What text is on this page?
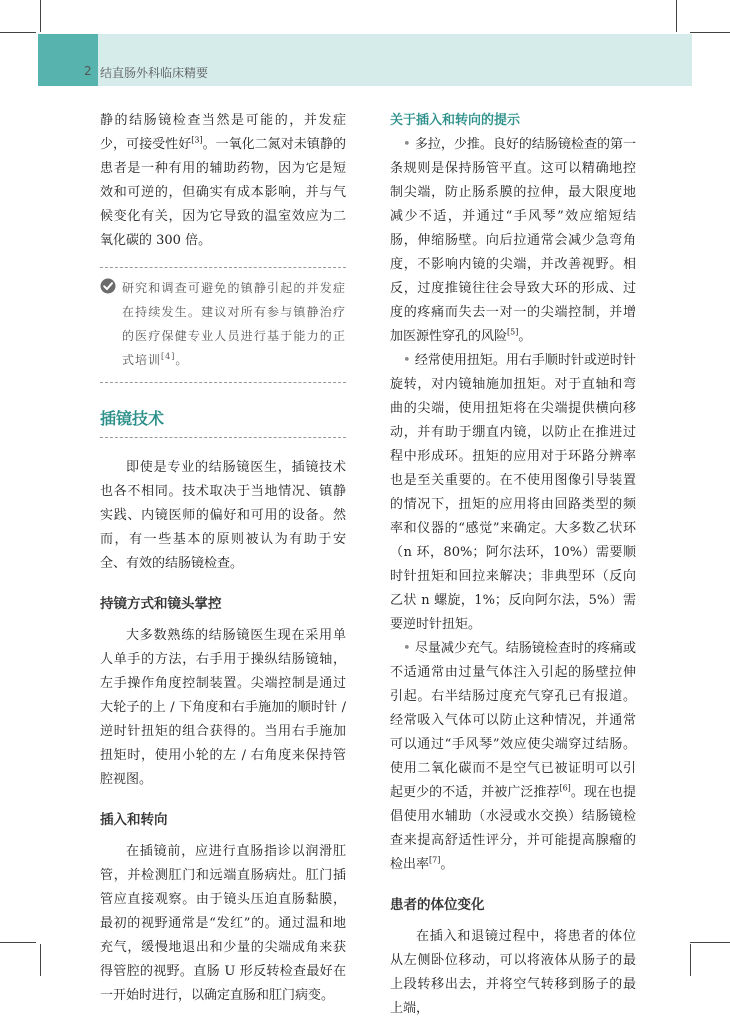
2 结直肠外科临床精要

静的结肠镜检查当然是可能的，并发症少，可接受性好[3]。一氧化二氮对未镇静的患者是一种有用的辅助药物，因为它是短效和可逆的，但确实有成本影响，并与气候变化有关，因为它导致的温室效应为二氧化碳的 300 倍。

研究和调查可避免的镇静引起的并发症在持续发生。建议对所有参与镇静治疗的医疗保健专业人员进行基于能力的正式培训[4]。
插镜技术

即使是专业的结肠镜医生，插镜技术也各不相同。技术取决于当地情况、镇静实践、内镜医师的偏好和可用的设备。然而，有一些基本的原则被认为有助于安全、有效的结肠镜检查。

持镜方式和镜头掌控

大多数熟练的结肠镜医生现在采用单人单手的方法，右手用于操纵结肠镜轴，左手操作角度控制装置。尖端控制是通过大轮子的上 / 下角度和右手施加的顺时针 / 逆时针扭矩的组合获得的。当用右手施加扭矩时，使用小轮的左 / 右角度来保持管腔视图。

插入和转向

在插镜前，应进行直肠指诊以润滑肛管，并检测肛门和远端直肠病灶。肛门插管应直接观察。由于镜头压迫直肠黏膜，最初的视野通常是“发红”的。通过温和地充气，缓慢地退出和少量的尖端成角来获得管腔的视野。直肠 U 形反转检查最好在一开始时进行，以确定直肠和肛门病变。

关于插入和转向的提示

• 多拉，少推。良好的结肠镜检查的第一条规则是保持肠管平直。这可以精确地控制尖端，防止肠系膜的拉伸，最大限度地减少不适，并通过“手风琴”效应缩短结肠，伸缩肠壁。向后拉通常会减少急弯角度，不影响内镜的尖端，并改善视野。相反，过度推镜往往会导致大环的形成、过度的疼痛而失去一对一的尖端控制，并增加医源性穿孔的风险[5]。

• 经常使用扭矩。用右手顺时针或逆时针旋转，对内镜轴施加扭矩。对于直轴和弯曲的尖端，使用扭矩将在尖端提供横向移动，并有助于绷直内镜，以防止在推进过程中形成环。扭矩的应用对于环路分辨率也是至关重要的。在不使用图像引导装置的情况下，扭矩的应用将由回路类型的频率和仪器的“感觉”来确定。大多数乙状环（n 环，80%；阿尔法环，10%）需要顺时针扭矩和回拉来解决；非典型环（反向乙状 n 螺旋，1%；反向阿尔法，5%）需要逆时针扭矩。

• 尽量减少充气。结肠镜检查时的疼痛或不适通常由过量气体注入引起的肠壁拉伸引起。右半结肠过度充气穿孔已有报道。经常吸入气体可以防止这种情况，并通常可以通过“手风琴”效应使尖端穿过结肠。使用二氧化碳而不是空气已被证明可以引起更少的不适，并被广泛推荐[6]。现在也提倡使用水辅助（水浸或水交换）结肠镜检查来提高舒适性评分，并可能提高腺瘤的检出率[7]。

患者的体位变化

在插入和退镜过程中，将患者的体位从左侧卧位移动，可以将液体从肠子的最上段转移出去，并将空气转移到肠子的最上端，
